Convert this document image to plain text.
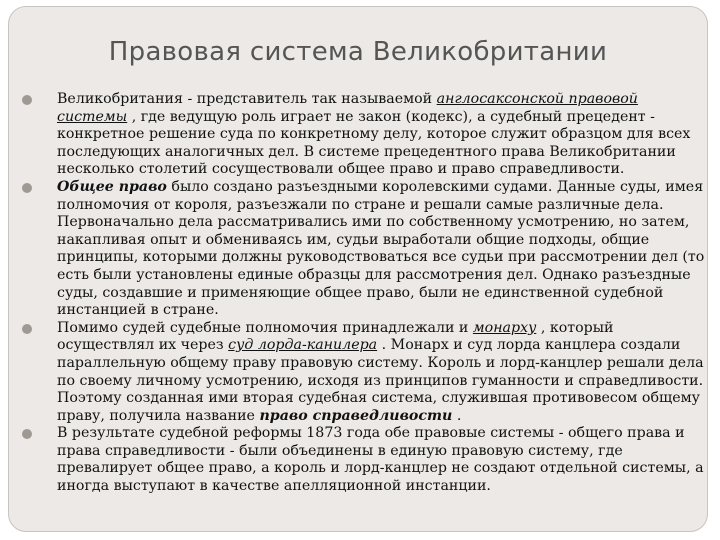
Правовая система Великобритании
Великобритания - представитель так называемой англосаксонской правовой системы , где ведущую роль играет не закон (кодекс), а судебный прецедент - конкретное решение суда по конкретному делу, которое служит образцом для всех последующих аналогичных дел. В системе прецедентного права Великобритании несколько столетий сосуществовали общее право и право справедливости.
Общее право было создано разъездными королевскими судами. Данные суды, имея полномочия от короля, разъезжали по стране и решали самые различные дела. Первоначально дела рассматривались ими по собственному усмотрению, но затем, накапливая опыт и обмениваясь им, судьи выработали общие подходы, общие принципы, которыми должны руководствоваться все судьи при рассмотрении дел (то есть были установлены единые образцы для рассмотрения дел. Однако разъездные суды, создавшие и применяющие общее право, были не единственной судебной инстанцией в стране.
Помимо судей судебные полномочия принадлежали и монарху , который осуществлял их через суд лорда-канилера . Монарх и суд лорда канцлера создали параллельную общему праву правовую систему. Король и лорд-канцлер решали дела по своему личному усмотрению, исходя из принципов гуманности и справедливости. Поэтому созданная ими вторая судебная система, служившая противовесом общему праву, получила название право справедливости .
В результате судебной реформы 1873 года обе правовые системы - общего права и права справедливости - были объединены в единую правовую систему, где превалирует общее право, а король и лорд-канцлер не создают отдельной системы, а иногда выступают в качестве апелляционной инстанции.
